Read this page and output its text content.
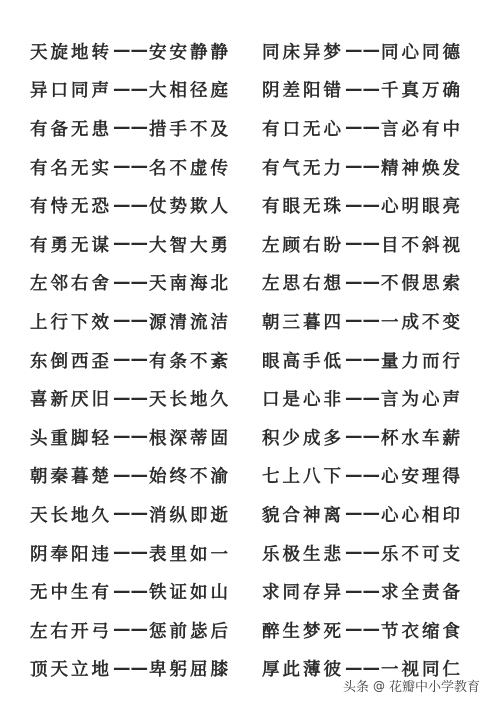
天旋地转 —— 安安静静 同床异梦 —— 同心同德
异口同声 —— 大相径庭 阴差阳错 —— 千真万确
有备无患 —— 措手不及 有口无心 —— 言必有中
有名无实 —— 名不虚传 有气无力 —— 精神焕发
有恃无恐 —— 仗势欺人 有眼无珠 —— 心明眼亮
有勇无谋 —— 大智大勇 左顾右盼 —— 目不斜视
左邻右舍 —— 天南海北 左思右想 —— 不假思索
上行下效 —— 源清流洁 朝三暮四 —— 一成不变
东倒西歪 —— 有条不紊 眼高手低 —— 量力而行
喜新厌旧 —— 天长地久 口是心非 —— 言为心声
头重脚轻 —— 根深蒂固 积少成多 —— 杯水车薪
朝秦暮楚 —— 始终不渝 七上八下 —— 心安理得
天长地久 —— 消纵即逝 貌合神离 —— 心心相印
阴奉阳违 —— 表里如一 乐极生悲 —— 乐不可支
无中生有 —— 铁证如山 求同存异 —— 求全责备
左右开弓 —— 惩前毖后 醉生梦死 —— 节衣缩食
顶天立地 —— 卑躬屈膝 厚此薄彼 —— 一视同仁
头条 @ 花瓣中小学教育
